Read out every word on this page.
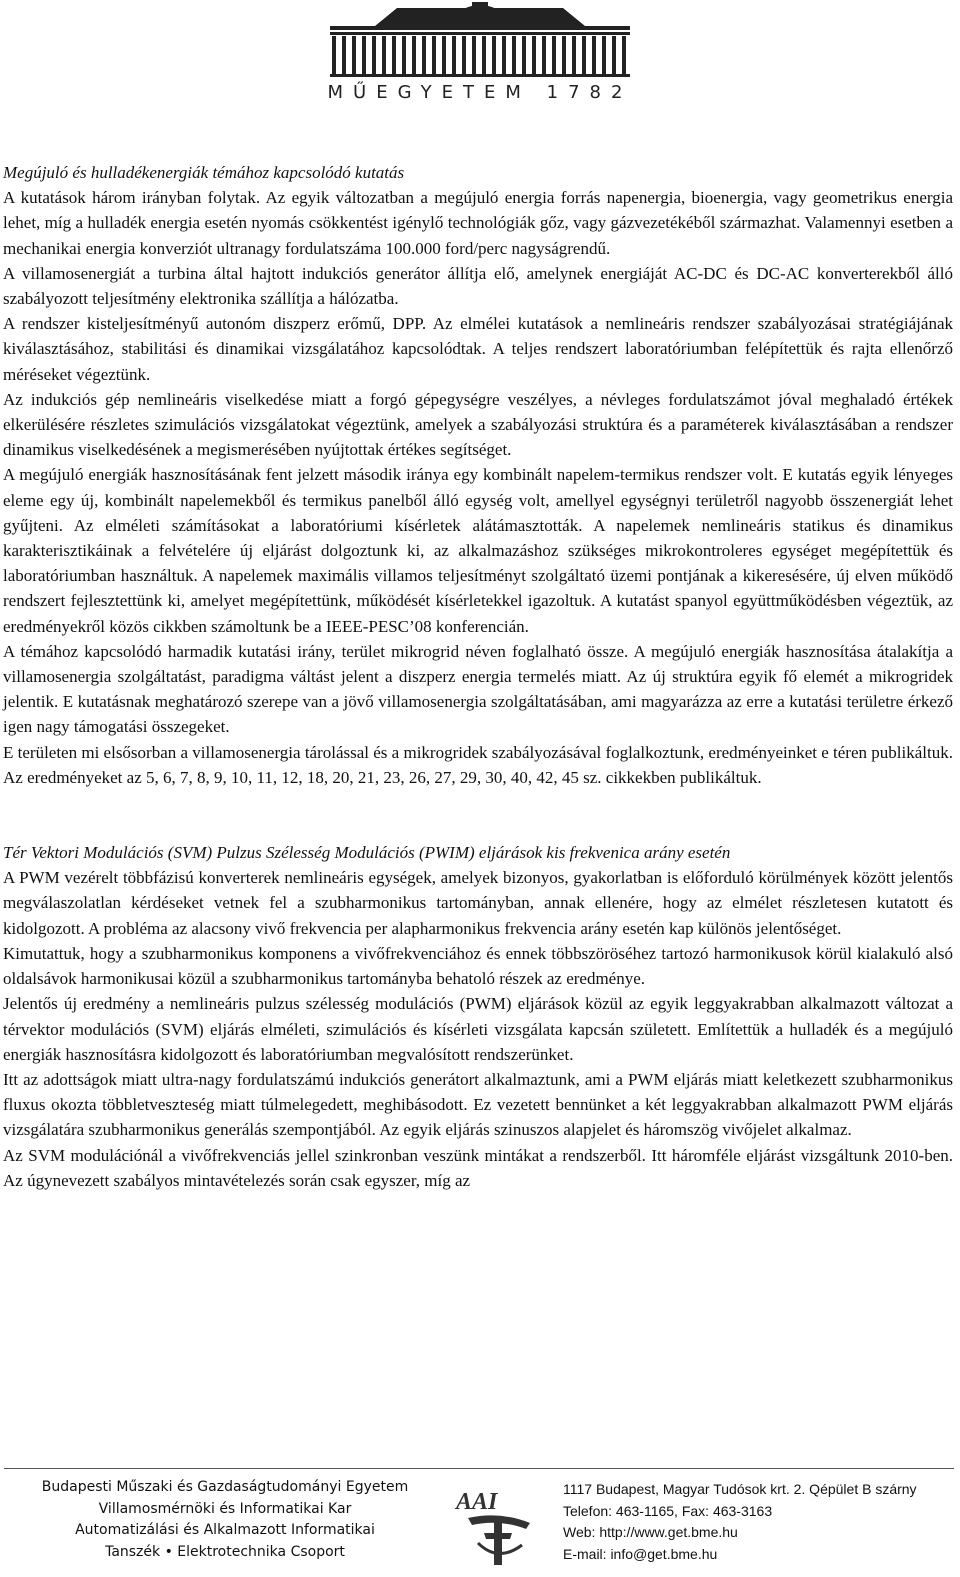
MŰEGYETEM 1782

Megújuló és hulladékenergiák témához kapcsolódó kutatás

A kutatások három irányban folytak. Az egyik változatban a megújuló energia forrás napenergia, bioenergia, vagy geometrikus energia lehet, míg a hulladék energia esetén nyomás csökkentést igénylő technológiák gőz, vagy gázvezetékéből származhat. Valamennyi esetben a mechanikai energia konverziót ultranagy fordulatszáma 100.000 ford/perc nagyságrendű.

A villamosenergiát a turbina által hajtott indukciós generátor állítja elő, amelynek energiáját AC-DC és DC-AC konverterekből álló szabályozott teljesítmény elektronika szállítja a hálózatba.

A rendszer kisteljesítményű autonóm diszperz erőmű, DPP. Az elmélei kutatások a nemlineáris rendszer szabályozásai stratégiájának kiválasztásához, stabilitási és dinamikai vizsgálatához kapcsolódtak. A teljes rendszert laboratóriumban felépítettük és rajta ellenőrző méréseket végeztünk.

Az indukciós gép nemlineáris viselkedése miatt a forgó gépegységre veszélyes, a névleges fordulatszámot jóval meghaladó értékek elkerülésére részletes szimulációs vizsgálatokat végeztünk, amelyek a szabályozási struktúra és a paraméterek kiválasztásában a rendszer dinamikus viselkedésének a megismerésében nyújtottak értékes segítséget.

A megújuló energiák hasznosításának fent jelzett második iránya egy kombinált napelem-termikus rendszer volt. E kutatás egyik lényeges eleme egy új, kombinált napelemekből és termikus panelből álló egység volt, amellyel egységnyi területről nagyobb összenergiát lehet gyűjteni. Az elméleti számításokat a laboratóriumi kísérletek alátámasztották. A napelemek nemlineáris statikus és dinamikus karakterisztikáinak a felvételére új eljárást dolgoztunk ki, az alkalmazáshoz szükséges mikrokontroleres egységet megépítettük és laboratóriumban használtuk. A napelemek maximális villamos teljesítményt szolgáltató üzemi pontjának a kikeresésére, új elven működő rendszert fejlesztettünk ki, amelyet megépítettünk, működését kísérletekkel igazoltuk. A kutatást spanyol együttműködésben végeztük, az eredményekről közös cikkben számoltunk be a IEEE-PESC’08 konferencián.

A témához kapcsolódó harmadik kutatási irány, terület mikrogrid néven foglalható össze. A megújuló energiák hasznosítása átalakítja a villamosenergia szolgáltatást, paradigma váltást jelent a diszperz energia termelés miatt. Az új struktúra egyik fő elemét a mikrogridek jelentik. E kutatásnak meghatározó szerepe van a jövő villamosenergia szolgáltatásában, ami magyarázza az erre a kutatási területre érkező igen nagy támogatási összegeket.

E területen mi elsősorban a villamosenergia tárolással és a mikrogridek szabályozásával foglalkoztunk, eredményeinket e téren publikáltuk.

Az eredményeket az 5, 6, 7, 8, 9, 10, 11, 12, 18, 20, 21, 23, 26, 27, 29, 30, 40, 42, 45 sz. cikkekben publikáltuk.

Tér Vektori Modulációs (SVM) Pulzus Szélesség Modulációs (PWIM) eljárások kis frekvenica arány esetén

A PWM vezérelt többfázisú konverterek nemlineáris egységek, amelyek bizonyos, gyakorlatban is előforduló körülmények között jelentős megválaszolatlan kérdéseket vetnek fel a szubharmonikus tartományban, annak ellenére, hogy az elmélet részletesen kutatott és kidolgozott. A probléma az alacsony vivő frekvencia per alapharmonikus frekvencia arány esetén kap különös jelentőséget.

Kimutattuk, hogy a szubharmonikus komponens a vivőfrekvenciához és ennek többszöröséhez tartozó harmonikusok körül kialakuló alsó oldalsávok harmonikusai közül a szubharmonikus tartományba behatoló részek az eredménye.

Jelentős új eredmény a nemlineáris pulzus szélesség modulációs (PWM) eljárások közül az egyik leggyakrabban alkalmazott változat a térvektor modulációs (SVM) eljárás elméleti, szimulációs és kísérleti vizsgálata kapcsán született. Említettük a hulladék és a megújuló energiák hasznosításra kidolgozott és laboratóriumban megvalósított rendszerünket.

Itt az adottságok miatt ultra-nagy fordulatszámú indukciós generátort alkalmaztunk, ami a PWM eljárás miatt keletkezett szubharmonikus fluxus okozta többletveszteség miatt túlmelegedett, meghibásodott. Ez vezetett bennünket a két leggyakrabban alkalmazott PWM eljárás vizsgálatára szubharmonikus generálás szempontjából. Az egyik eljárás szinuszos alapjelet és háromszög vivőjelet alkalmaz.

Az SVM modulációnál a vivőfrekvenciás jellel szinkronban veszünk mintákat a rendszerből. Itt háromféle eljárást vizsgáltunk 2010-ben. Az úgynevezett szabályos mintavételezés során csak egyszer, míg az

Budapesti Műszaki és Gazdaságtudományi Egyetem
Villamosmérnöki és Informatikai Kar
Automatizálási és Alkalmazott Informatikai
Tanszék • Elektrotechnika Csoport
AAI	1117 Budapest, Magyar Tudósok krt. 2. Qépület B szárny
Telefon: 463-1165, Fax: 463-3163
Web: http://www.get.bme.hu
E-mail: info@get.bme.hu
